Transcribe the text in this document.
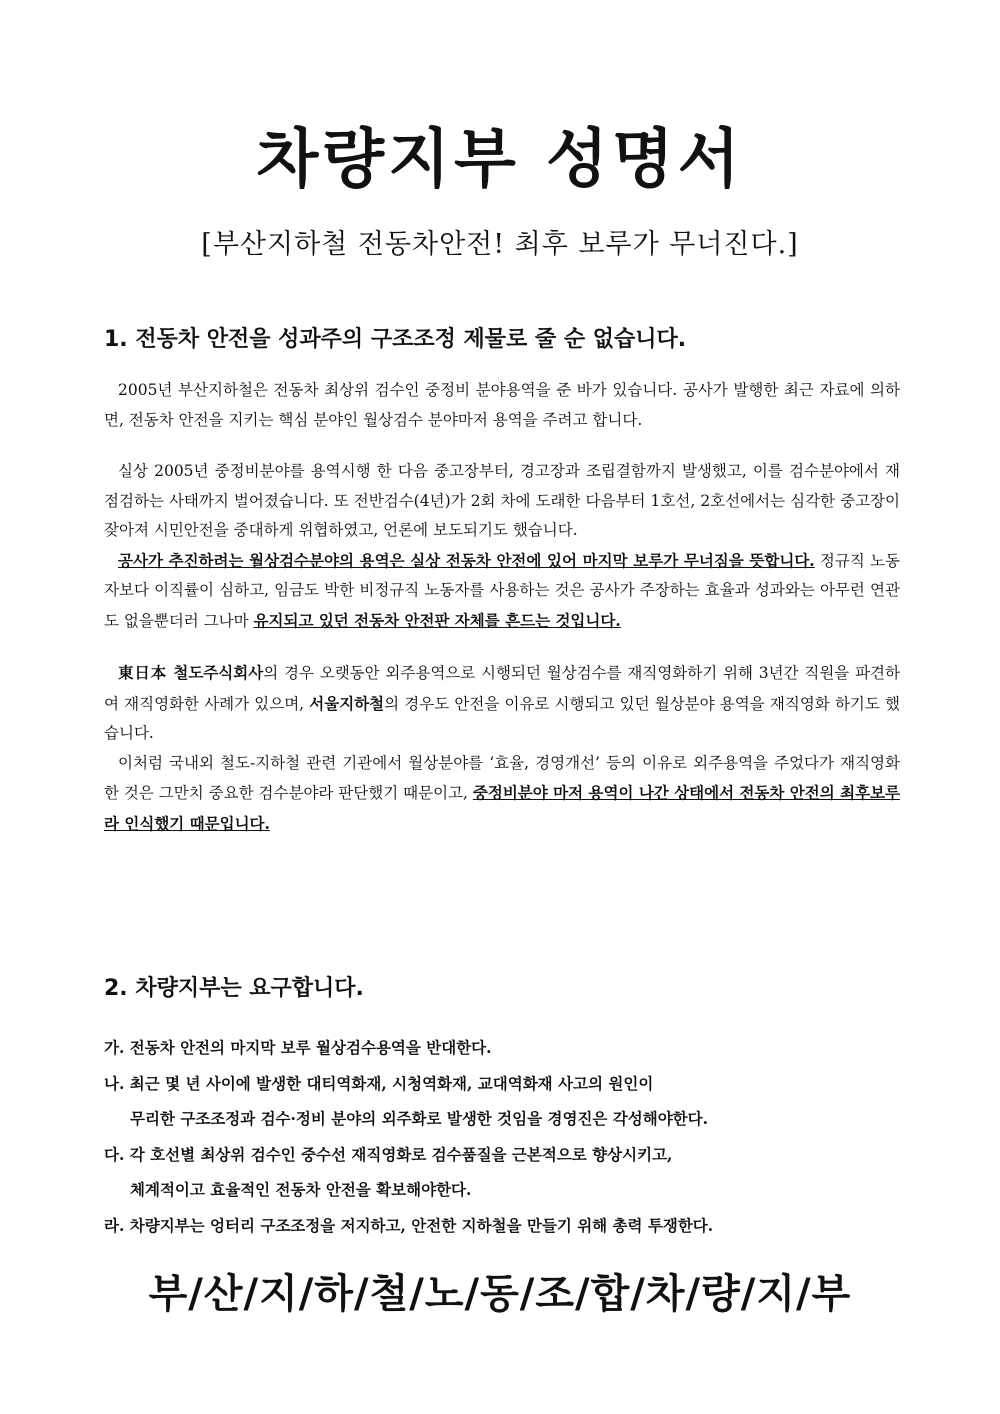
차량지부 성명서

[부산지하철 전동차안전! 최후 보루가 무너진다.]

1. 전동차 안전을 성과주의 구조조정 제물로 줄 순 없습니다.

2005년 부산지하철은 전동차 최상위 검수인 중정비 분야용역을 준 바가 있습니다. 공사가 발행한 최근 자료에 의하면, 전동차 안전을 지키는 핵심 분야인 월상검수 분야마저 용역을 주려고 합니다.

실상 2005년 중정비분야를 용역시행 한 다음 중고장부터, 경고장과 조립결함까지 발생했고, 이를 검수분야에서 재점검하는 사태까지 벌어졌습니다. 또 전반검수(4년)가 2회 차에 도래한 다음부터 1호선, 2호선에서는 심각한 중고장이 잦아져 시민안전을 중대하게 위협하였고, 언론에 보도되기도 했습니다.

공사가 추진하려는 월상검수분야의 용역은 실상 전동차 안전에 있어 마지막 보루가 무너짐을 뜻합니다. 정규직 노동자보다 이직률이 심하고, 임금도 박한 비정규직 노동자를 사용하는 것은 공사가 주장하는 효율과 성과와는 아무런 연관도 없을뿐더러 그나마 유지되고 있던 전동차 안전판 자체를 흔드는 것입니다.

東日本 철도주식회사의 경우 오랫동안 외주용역으로 시행되던 월상검수를 재직영화하기 위해 3년간 직원을 파견하여 재직영화한 사례가 있으며, 서울지하철의 경우도 안전을 이유로 시행되고 있던 월상분야 용역을 재직영화 하기도 했습니다.

이처럼 국내외 철도-지하철 관련 기관에서 월상분야를 ‘효율, 경영개선’ 등의 이유로 외주용역을 주었다가 재직영화한 것은 그만치 중요한 검수분야라 판단했기 때문이고, 중정비분야 마저 용역이 나간 상태에서 전동차 안전의 최후보루라 인식했기 때문입니다.

2. 차량지부는 요구합니다.
가. 전동차 안전의 마지막 보루 월상검수용역을 반대한다.
나. 최근 몇 년 사이에 발생한 대티역화재, 시청역화재, 교대역화재 사고의 원인이
무리한 구조조정과 검수·정비 분야의 외주화로 발생한 것임을 경영진은 각성해야한다.
다. 각 호선별 최상위 검수인 중수선 재직영화로 검수품질을 근본적으로 향상시키고,
체계적이고 효율적인 전동차 안전을 확보해야한다.
라. 차량지부는 엉터리 구조조정을 저지하고, 안전한 지하철을 만들기 위해 총력 투쟁한다.

부/산/지/하/철/노/동/조/합/차/량/지/부
